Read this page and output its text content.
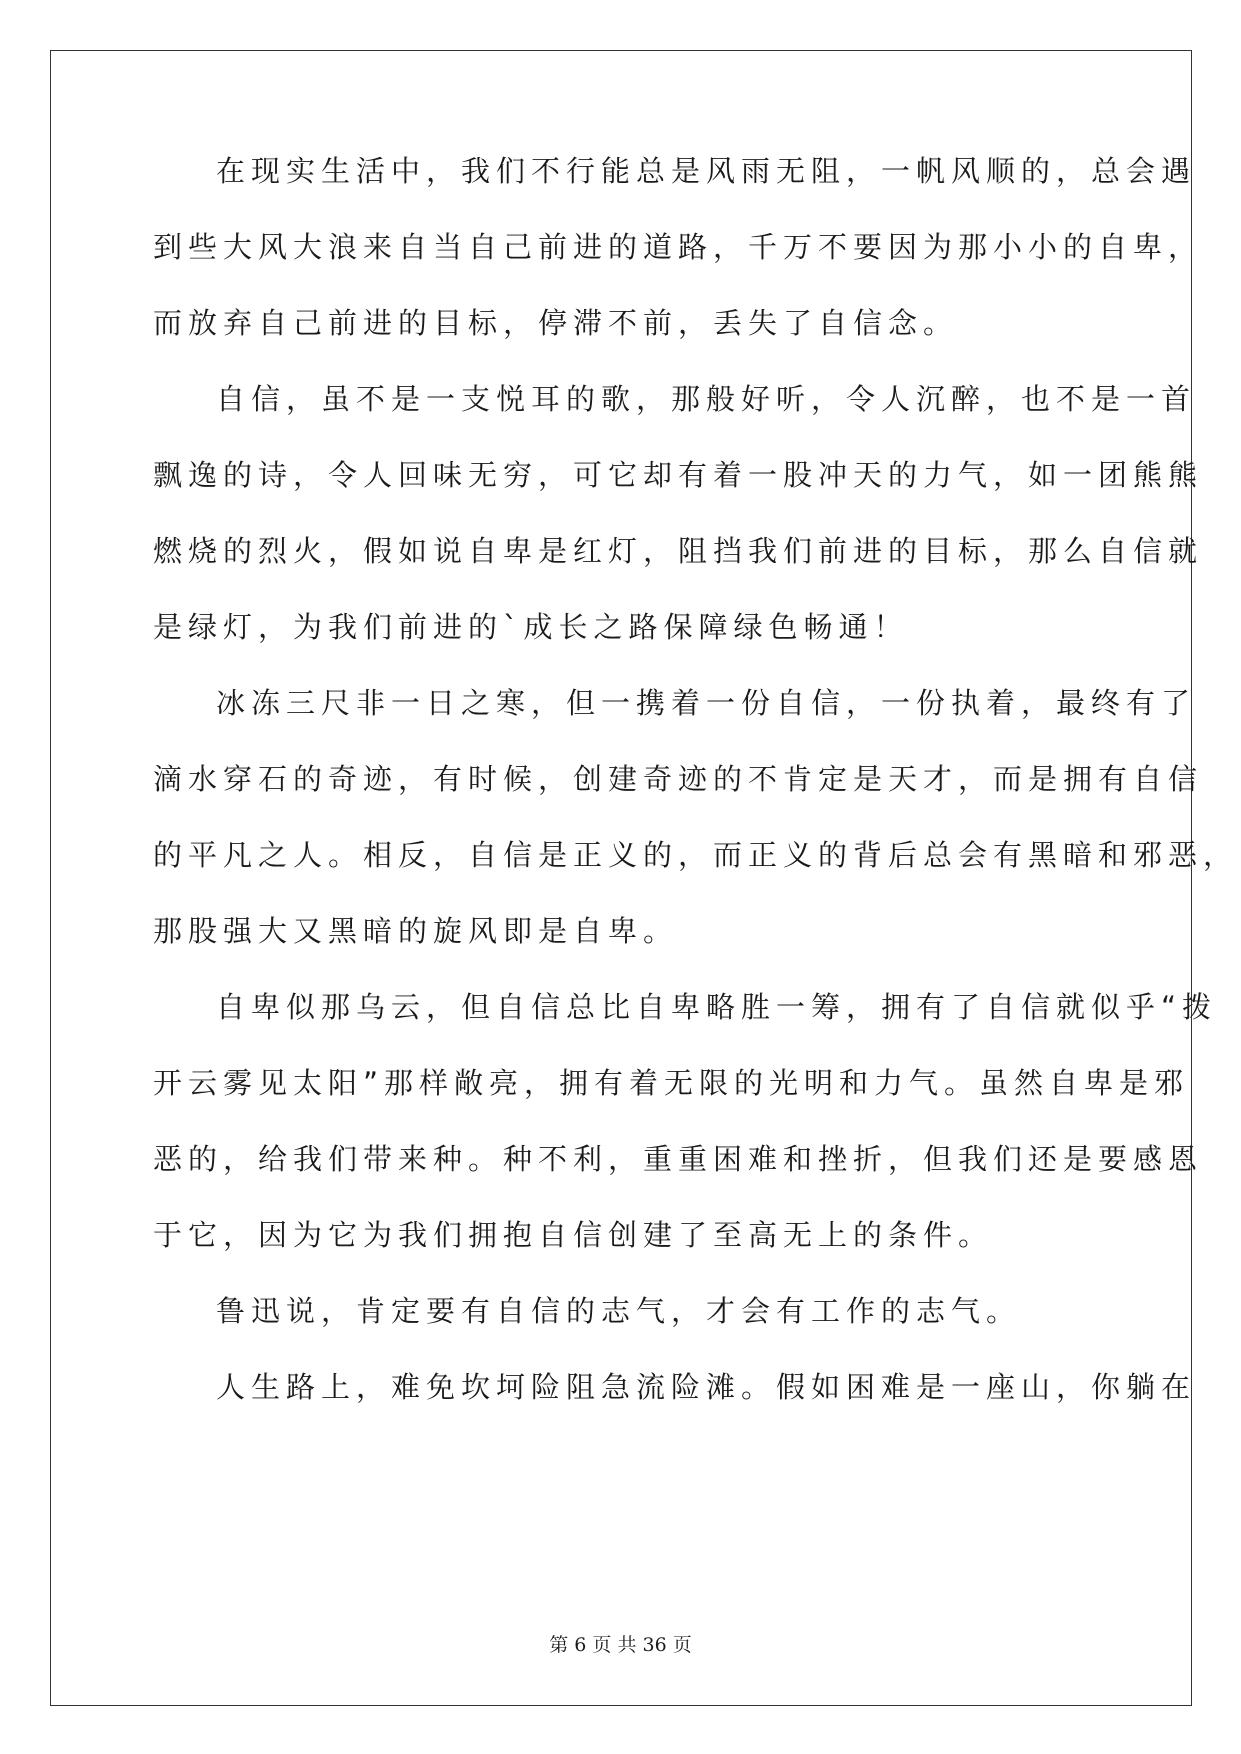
在现实生活中，我们不行能总是风雨无阻，一帆风顺的，总会遇
到些大风大浪来自当自己前进的道路，千万不要因为那小小的自卑，
而放弃自己前进的目标，停滞不前，丢失了自信念。
自信，虽不是一支悦耳的歌，那般好听，令人沉醉，也不是一首
飘逸的诗，令人回味无穷，可它却有着一股冲天的力气，如一团熊熊
燃烧的烈火，假如说自卑是红灯，阻挡我们前进的目标，那么自信就
是绿灯，为我们前进的`成长之路保障绿色畅通！
冰冻三尺非一日之寒，但一携着一份自信，一份执着，最终有了
滴水穿石的奇迹，有时候，创建奇迹的不肯定是天才，而是拥有自信
的平凡之人。相反，自信是正义的，而正义的背后总会有黑暗和邪恶，
那股强大又黑暗的旋风即是自卑。
自卑似那乌云，但自信总比自卑略胜一筹，拥有了自信就似乎“拨
开云雾见太阳”那样敞亮，拥有着无限的光明和力气。虽然自卑是邪
恶的，给我们带来种。种不利，重重困难和挫折，但我们还是要感恩
于它，因为它为我们拥抱自信创建了至高无上的条件。
鲁迅说，肯定要有自信的志气，才会有工作的志气。
人生路上，难免坎坷险阻急流险滩。假如困难是一座山，你躺在
第 6 页 共 36 页
